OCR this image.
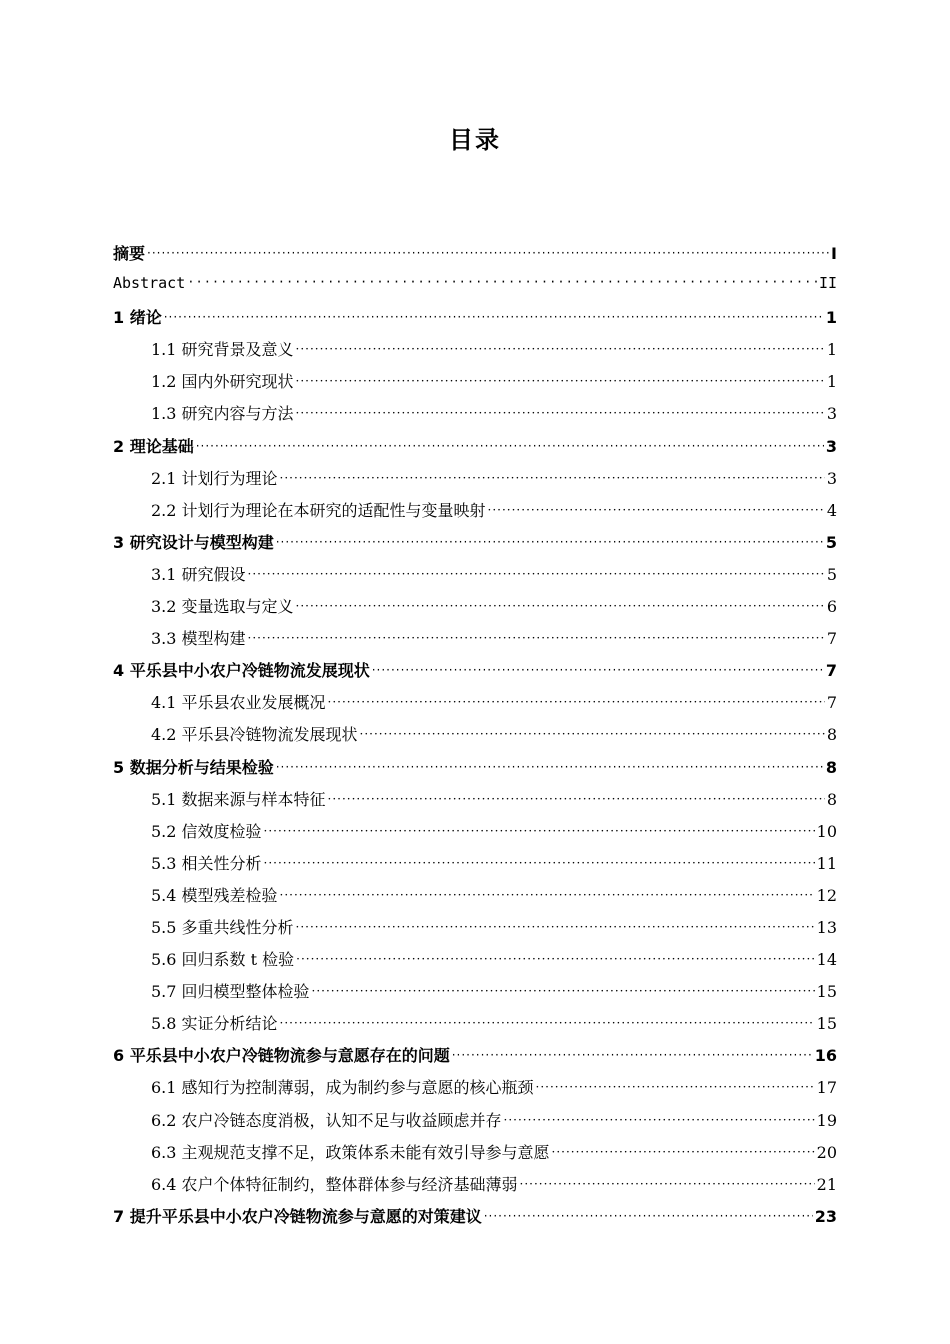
目录
摘要 ·····	I
Abstract ·····	II
1 绪论 ·····	1
1.1 研究背景及意义 ·····	1
1.2 国内外研究现状 ·····	1
1.3 研究内容与方法 ·····	3
2 理论基础 ·····	3
2.1 计划行为理论 ·····	3
2.2 计划行为理论在本研究的适配性与变量映射 ·····	4
3 研究设计与模型构建 ·····	5
3.1 研究假设 ·····	5
3.2 变量选取与定义 ·····	6
3.3 模型构建 ·····	7
4 平乐县中小农户冷链物流发展现状 ·····	7
4.1 平乐县农业发展概况 ·····	7
4.2 平乐县冷链物流发展现状 ·····	8
5 数据分析与结果检验 ·····	8
5.1 数据来源与样本特征 ·····	8
5.2 信效度检验 ·····	10
5.3 相关性分析 ·····	11
5.4 模型残差检验 ·····	12
5.5 多重共线性分析 ·····	13
5.6 回归系数 t 检验 ·····	14
5.7 回归模型整体检验 ·····	15
5.8 实证分析结论 ·····	15
6 平乐县中小农户冷链物流参与意愿存在的问题 ·····	16
6.1 感知行为控制薄弱，成为制约参与意愿的核心瓶颈 ·····	17
6.2 农户冷链态度消极，认知不足与收益顾虑并存 ·····	19
6.3 主观规范支撑不足，政策体系未能有效引导参与意愿 ·····	20
6.4 农户个体特征制约，整体群体参与经济基础薄弱 ·····	21
7 提升平乐县中小农户冷链物流参与意愿的对策建议 ·····	23
